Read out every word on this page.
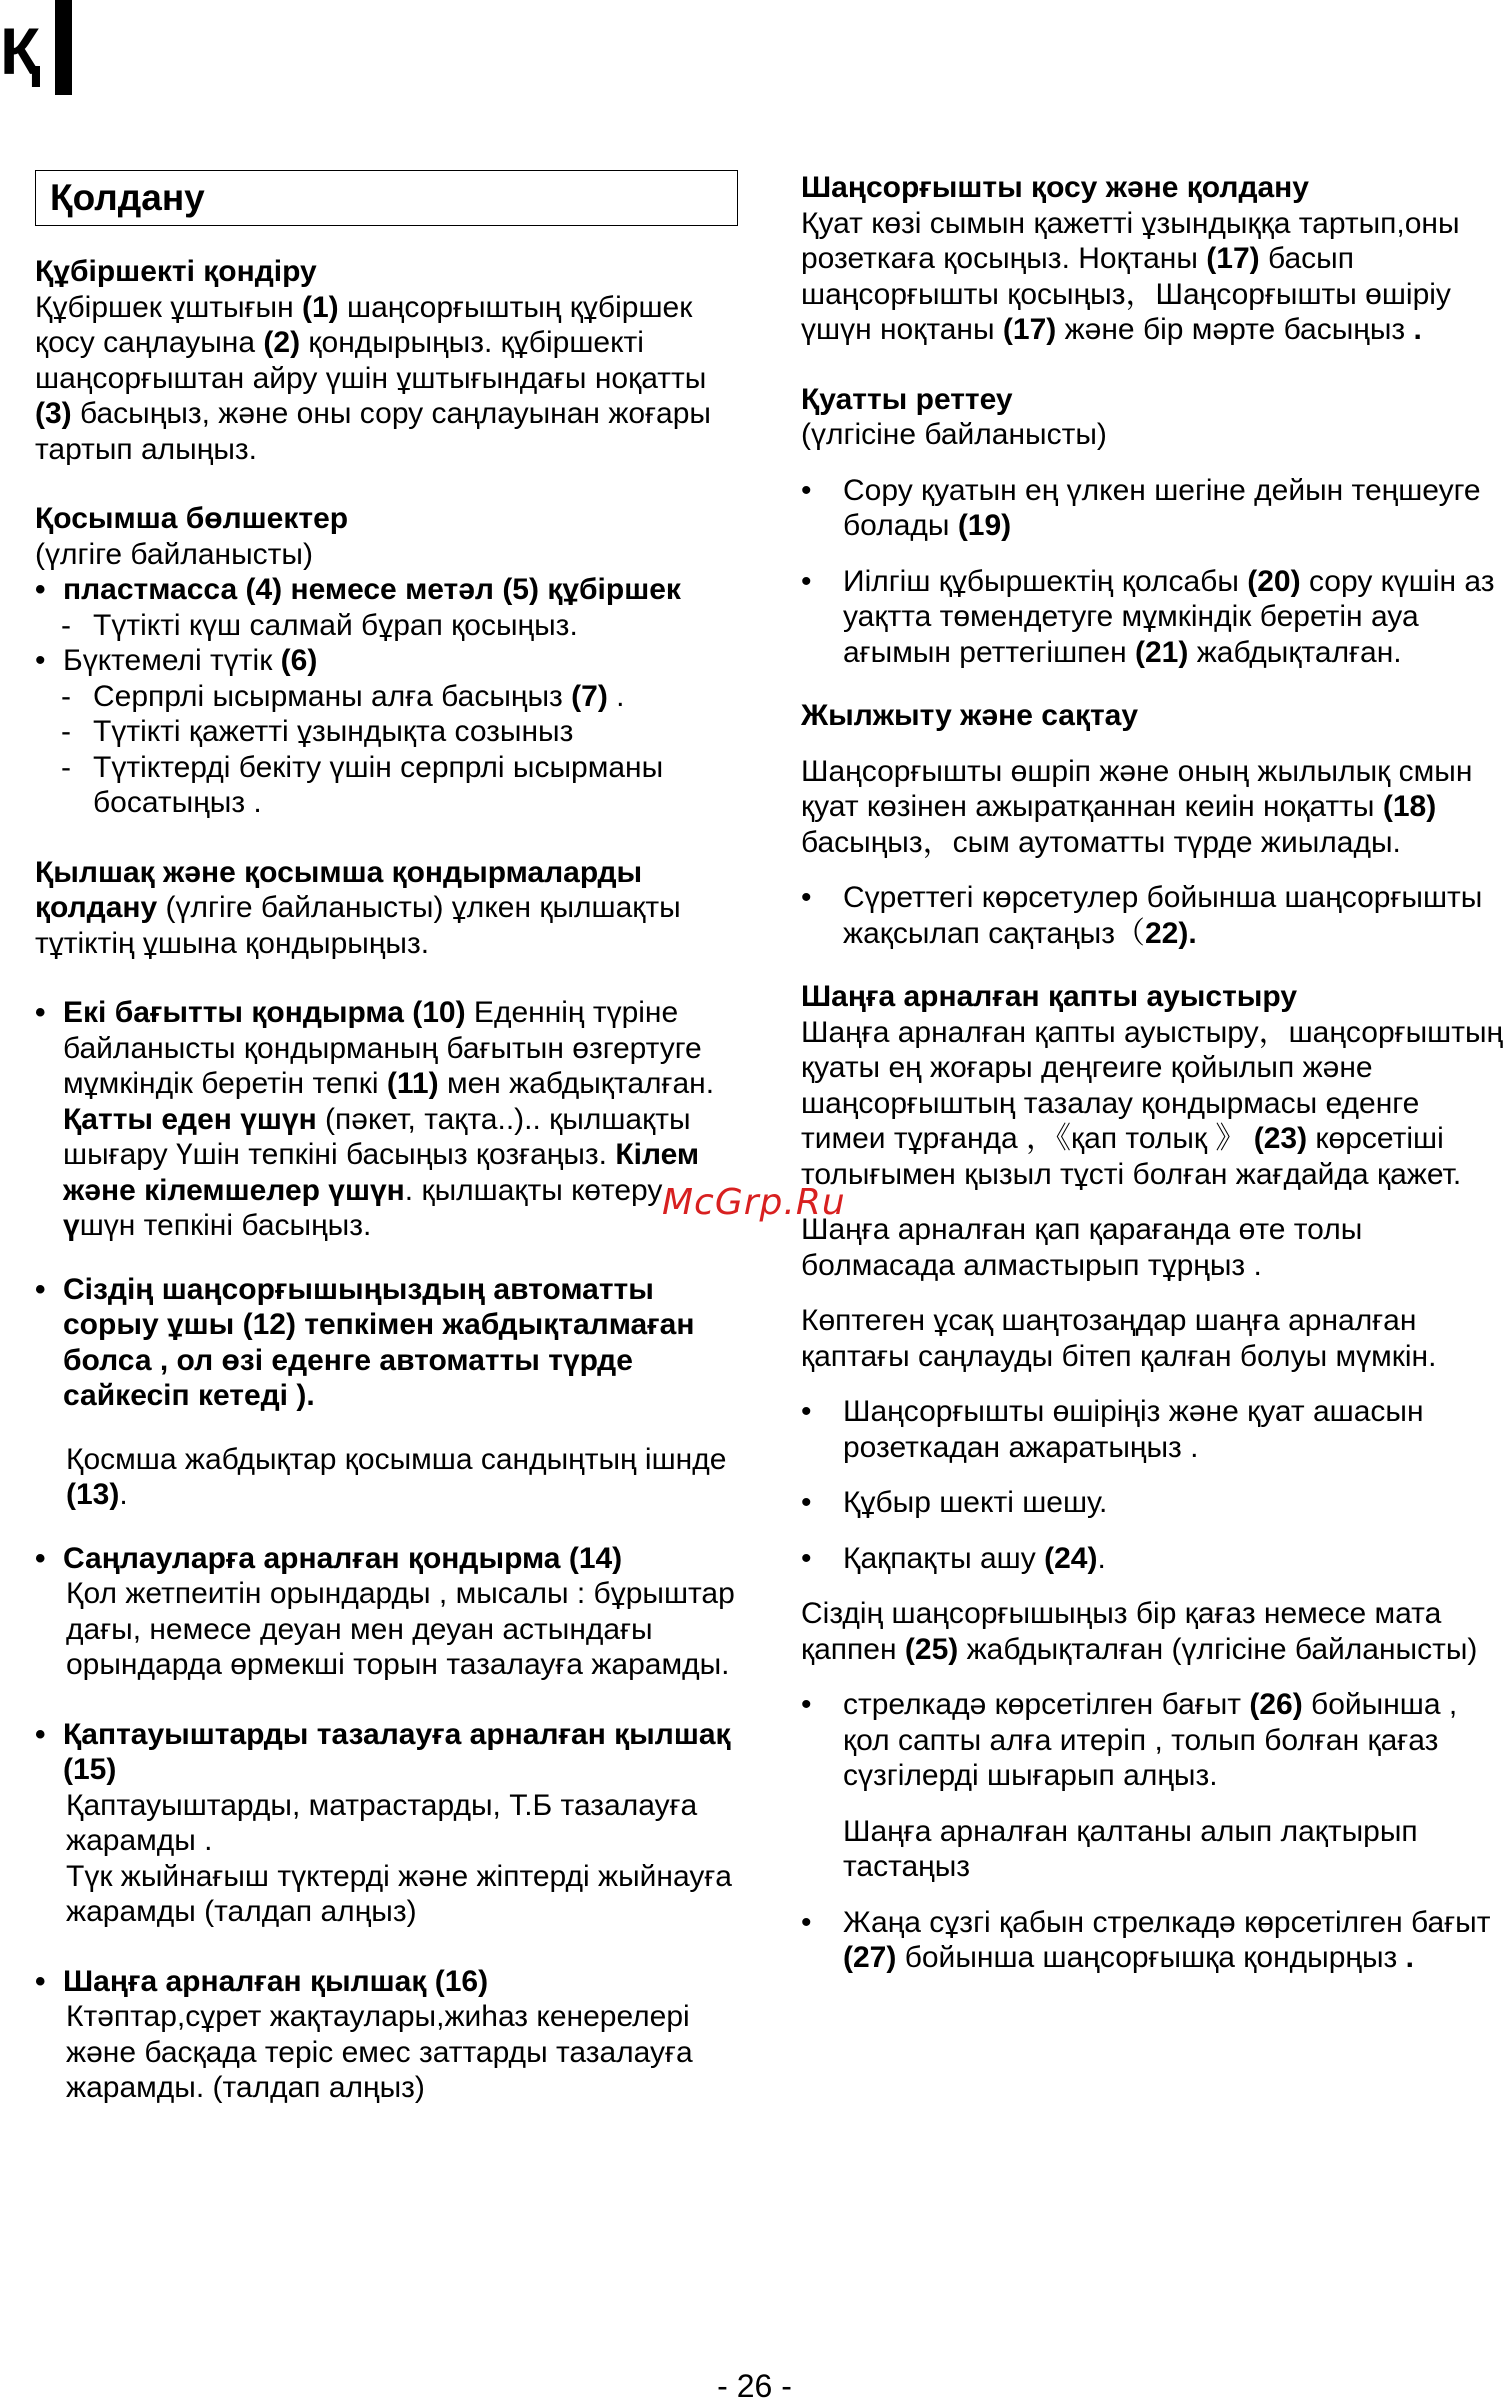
Қ
Қолдану

Құбіршекті қондіру

Құбіршек ұштығын (1) шаңсорғыштың құбіршек қосу саңлауына (2) қондырыңыз. құбіршекті шаңсорғыштан айру үшін ұштығындағы ноқатты (3) басыңыз, және оны сору саңлауынан жоғары тартып алыңыз.

Қосымша бөлшектер

(үлгіге байланысты)

• пластмасса (4) немесе метәл (5) құбіршек
- Түтікті күш салмай бұрап қосыңыз.
• Бүктемелі түтік (6)
- Серпрлі ысырманы алға басыңыз (7) .
- Түтікті қажетті ұзындықта созыныз
- Түтіктерді бекіту үшін серпрлі ысырманы босатыңыз .

Қылшақ және қосымша қондырмаларды қолдану (үлгіге байланысты) ұлкен қылшақты тұтіктің ұшына қондырыңыз.

• Екі бағытты қондырма (10) Еденнің түріне байланысты қондырманың бағытын өзгертуге мұмкіндік беретін тепкі (11) мен жабдықталған. Қатты еден үшүн (пәкет, тақта..).. қылшақты шығару Үшін тепкіні басыңыз қозғаңыз. Кілем және кілемшелер үшүн. қылшақты көтеру үшүн тепкіні басыңыз.
• Сіздің шаңсорғышыңыздың автоматты сорыу ұшы (12) тепкімен жабдықталмаған болса , ол өзі еденге автоматты түрде сайкесіп кетеді ).

Қосмша жабдықтар қосымша сандыңтың ішнде (13).

• Саңлауларға арналған қондырма (14)

Қол жетпеитін орындарды , мысалы : бұрыштар дағы, немесе деуан мен деуан астындағы орындарда өрмекші торын тазалауға жарамды.

• Қаптауыштарды тазалауға арналған қылшақ (15)

Қаптауыштарды, матрастарды, Т.Б тазалауға жарамды .

Түк жыйнағыш түктерді және жіптерді жыйнауға жарамды (талдап алңыз)

• Шаңға арналған қылшақ (16)

Ктәптар,сұрет жақтаулары,жиһаз кенерелері және басқада теріс емес заттарды тазалауға жарамды. (талдап алңыз)

Шаңсорғышты қосу және қолдану

Қуат көзі сымын қажетті ұзындыққа тартып,оны розеткаға қосыңыз. Ноқтаны (17) басып шаңсорғышты қосыңыз，Шаңсорғышты өшіріу үшүн ноқтаны (17) және бір мәрте басыңыз .

Қуатты реттеу

(үлгісіне байланысты)

•	Сору қуатын ең үлкен шегіне дейын теңшеуге болады (19)
•	Иілгіш құбыршектің қолсабы (20) сору күшін аз уақтта төмендетуге мұмкіндік беретін ауа ағымын реттегішпен (21) жабдықталған.

Жылжыту және сақтау

Шаңсорғышты өшріп және оның жылылық смын қуат көзінен ажыратқаннан кеиін ноқатты (18) басыңыз，сым аутоматты түрде жиылады.

•	Сүреттегі көрсетулер бойынша шаңсорғышты жақсылап сақтаңыз（22).

Шаңға арналған қапты ауыстыру

Шаңға арналған қапты ауыстыру，шаңсорғыштың қуаты ең жоғары деңгеиге қойылып және шаңсорғыштың тазалау қондырмасы еденге тимеи тұрғанда ，《қап толық 》 (23) көрсетіші толығымен қызыл тұсті болған жағдайда қажет.

Шаңға арналған қап қарағанда өте толы болмасада алмастырып тұрңыз .

Көптеген ұсақ шаңтозаңдар шаңға арналған қаптағы саңлауды бітеп қалған болуы мүмкін.

•	Шаңсорғышты өшіріңіз және қуат ашасын розеткадан ажаратыңыз .
•	Құбыр шекті шешу.
•	Қақпақты ашу (24).

Сіздің шаңсорғышыңыз бір қағаз немесе мата қаппен (25) жабдықталған (үлгісіне байланысты)

•	стрелкадә көрсетілген бағыт (26) бойынша , қол сапты алға итеріп , толып болған қағаз сүзгілерді шығарып алңыз.

Шаңға арналған қалтаны алып лақтырып тастаңыз

•	Жаңа сұзгі қабын стрелкадә көрсетілген бағыт (27) бойынша шаңсорғышқа қондырңыз .
McGrp.Ru
- 26 -
